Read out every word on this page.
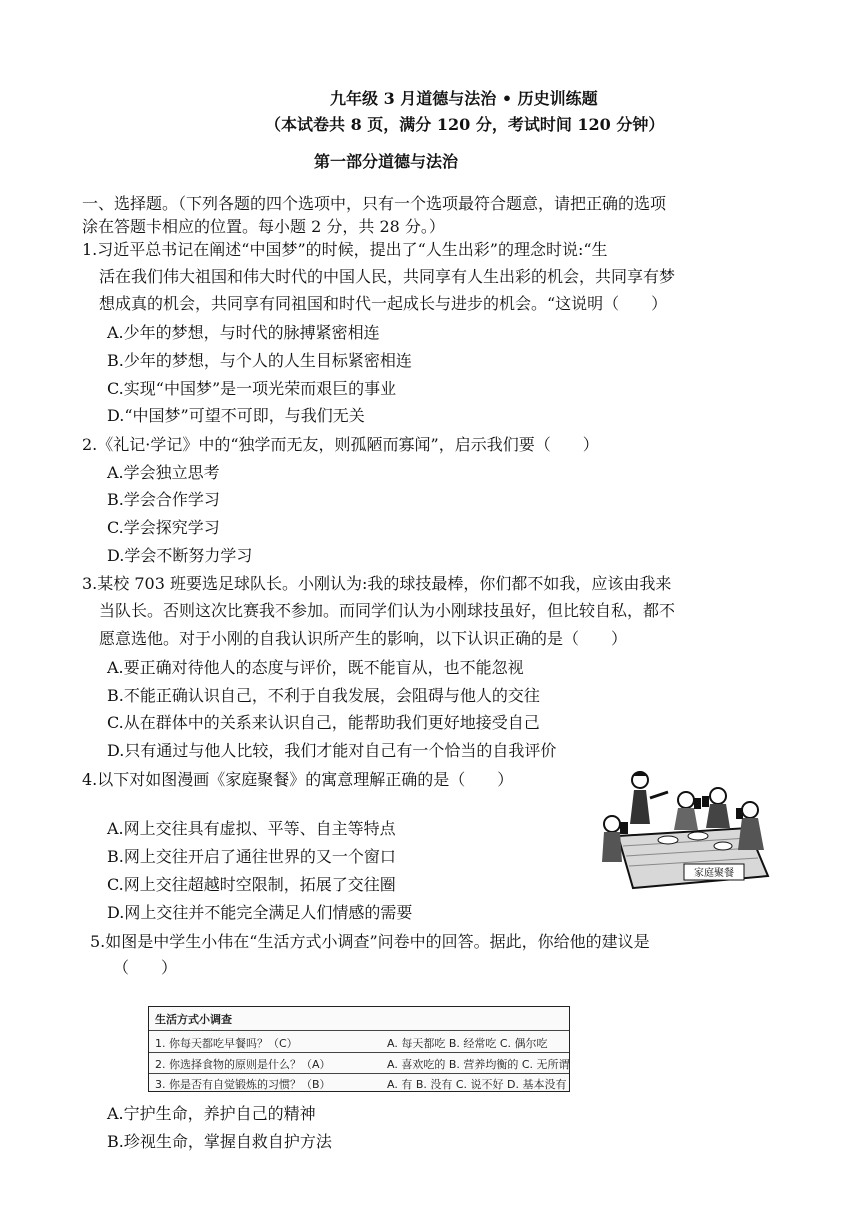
九年级 3 月道德与法治 • 历史训练题
（本试卷共 8 页，满分 120 分，考试时间 120 分钟）
第一部分道德与法治
一、选择题。（下列各题的四个选项中，只有一个选项最符合题意，请把正确的选项
涂在答题卡相应的位置。每小题 2 分，共 28 分。）
1.习近平总书记在阐述“中国梦”的时候，提出了“人生出彩”的理念时说:“生
活在我们伟大祖国和伟大时代的中国人民，共同享有人生出彩的机会，共同享有梦
想成真的机会，共同享有同祖国和时代一起成长与进步的机会。“这说明（　　）
A.少年的梦想，与时代的脉搏紧密相连
B.少年的梦想，与个人的人生目标紧密相连
C.实现“中国梦”是一项光荣而艰巨的事业
D.“中国梦”可望不可即，与我们无关
2.《礼记·学记》中的“独学而无友，则孤陋而寡闻”，启示我们要（　　）
A.学会独立思考
B.学会合作学习
C.学会探究学习
D.学会不断努力学习
3.某校 703 班要选足球队长。小刚认为:我的球技最棒，你们都不如我，应该由我来
当队长。否则这次比赛我不参加。而同学们认为小刚球技虽好，但比较自私，都不
愿意选他。对于小刚的自我认识所产生的影响，以下认识正确的是（　　）
A.要正确对待他人的态度与评价，既不能盲从，也不能忽视
B.不能正确认识自己，不利于自我发展，会阻碍与他人的交往
C.从在群体中的关系来认识自己，能帮助我们更好地接受自己
D.只有通过与他人比较，我们才能对自己有一个恰当的自我评价
4.以下对如图漫画《家庭聚餐》的寓意理解正确的是（　　）
A.网上交往具有虚拟、平等、自主等特点
B.网上交往开启了通往世界的又一个窗口
C.网上交往超越时空限制，拓展了交往圈
D.网上交往并不能完全满足人们情感的需要
家庭聚餐
5.如图是中学生小伟在“生活方式小调查”问卷中的回答。据此，你给他的建议是
（　　）
生活方式小调查
1. 你每天都吃早餐吗？（C）	A. 每天都吃 B. 经常吃 C. 偶尔吃
2. 你选择食物的原则是什么？（A）	A. 喜欢吃的 B. 营养均衡的 C. 无所谓
3. 你是否有自觉锻炼的习惯？（B）	A. 有 B. 没有 C. 说不好 D. 基本没有
A.宁护生命，养护自己的精神
B.珍视生命，掌握自救自护方法
